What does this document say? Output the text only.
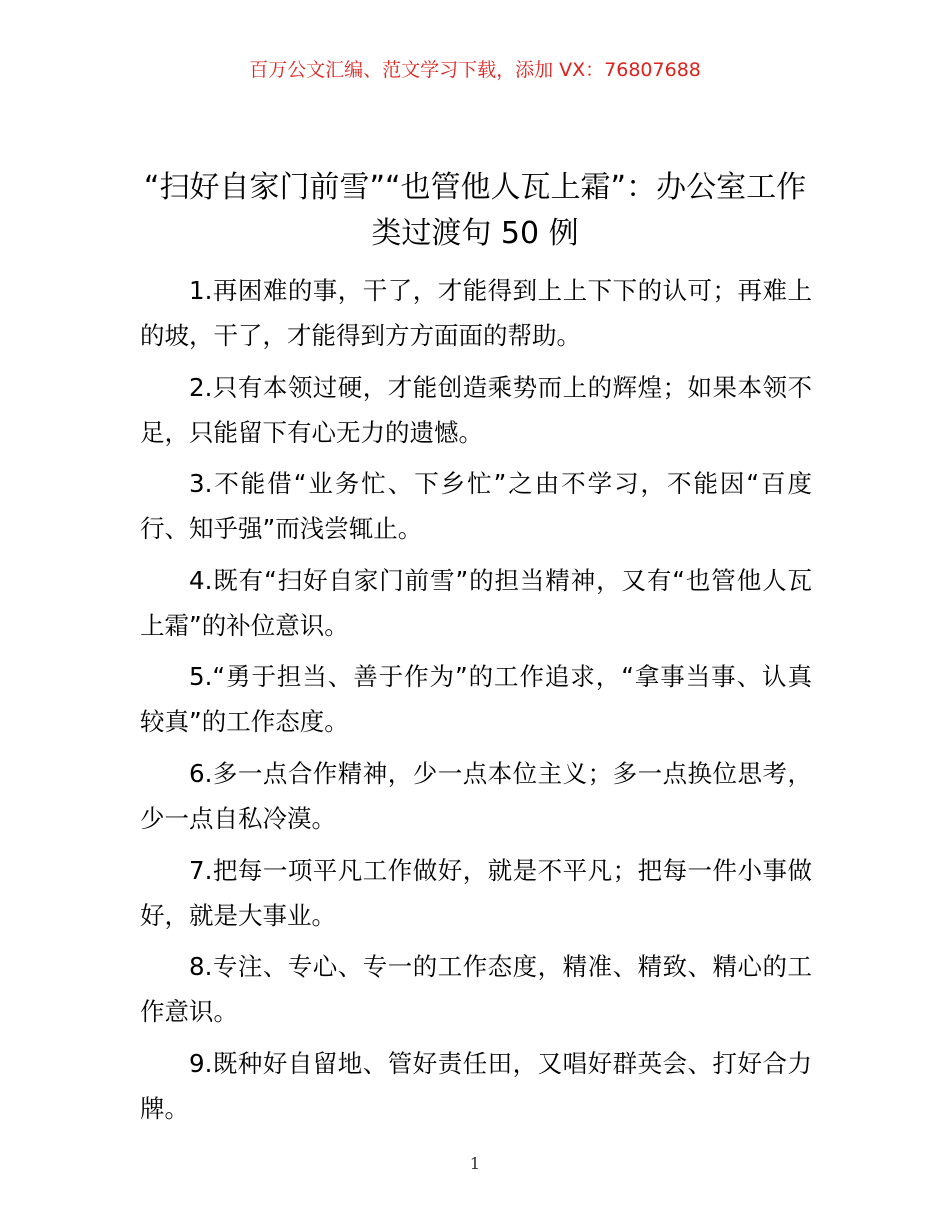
百万公文汇编、范文学习下载，添加 VX：76807688
“扫好自家门前雪”“也管他人瓦上霜”：办公室工作类过渡句 50 例
1.再困难的事，干了，才能得到上上下下的认可；再难上的坡，干了，才能得到方方面面的帮助。
2.只有本领过硬，才能创造乘势而上的辉煌；如果本领不足，只能留下有心无力的遗憾。
3.不能借“业务忙、下乡忙”之由不学习，不能因“百度行、知乎强”而浅尝辄止。
4.既有“扫好自家门前雪”的担当精神，又有“也管他人瓦上霜”的补位意识。
5.“勇于担当、善于作为”的工作追求，“拿事当事、认真较真”的工作态度。
6.多一点合作精神，少一点本位主义；多一点换位思考，少一点自私冷漠。
7.把每一项平凡工作做好，就是不平凡；把每一件小事做好，就是大事业。
8.专注、专心、专一的工作态度，精准、精致、精心的工作意识。
9.既种好自留地、管好责任田，又唱好群英会、打好合力牌。
1
